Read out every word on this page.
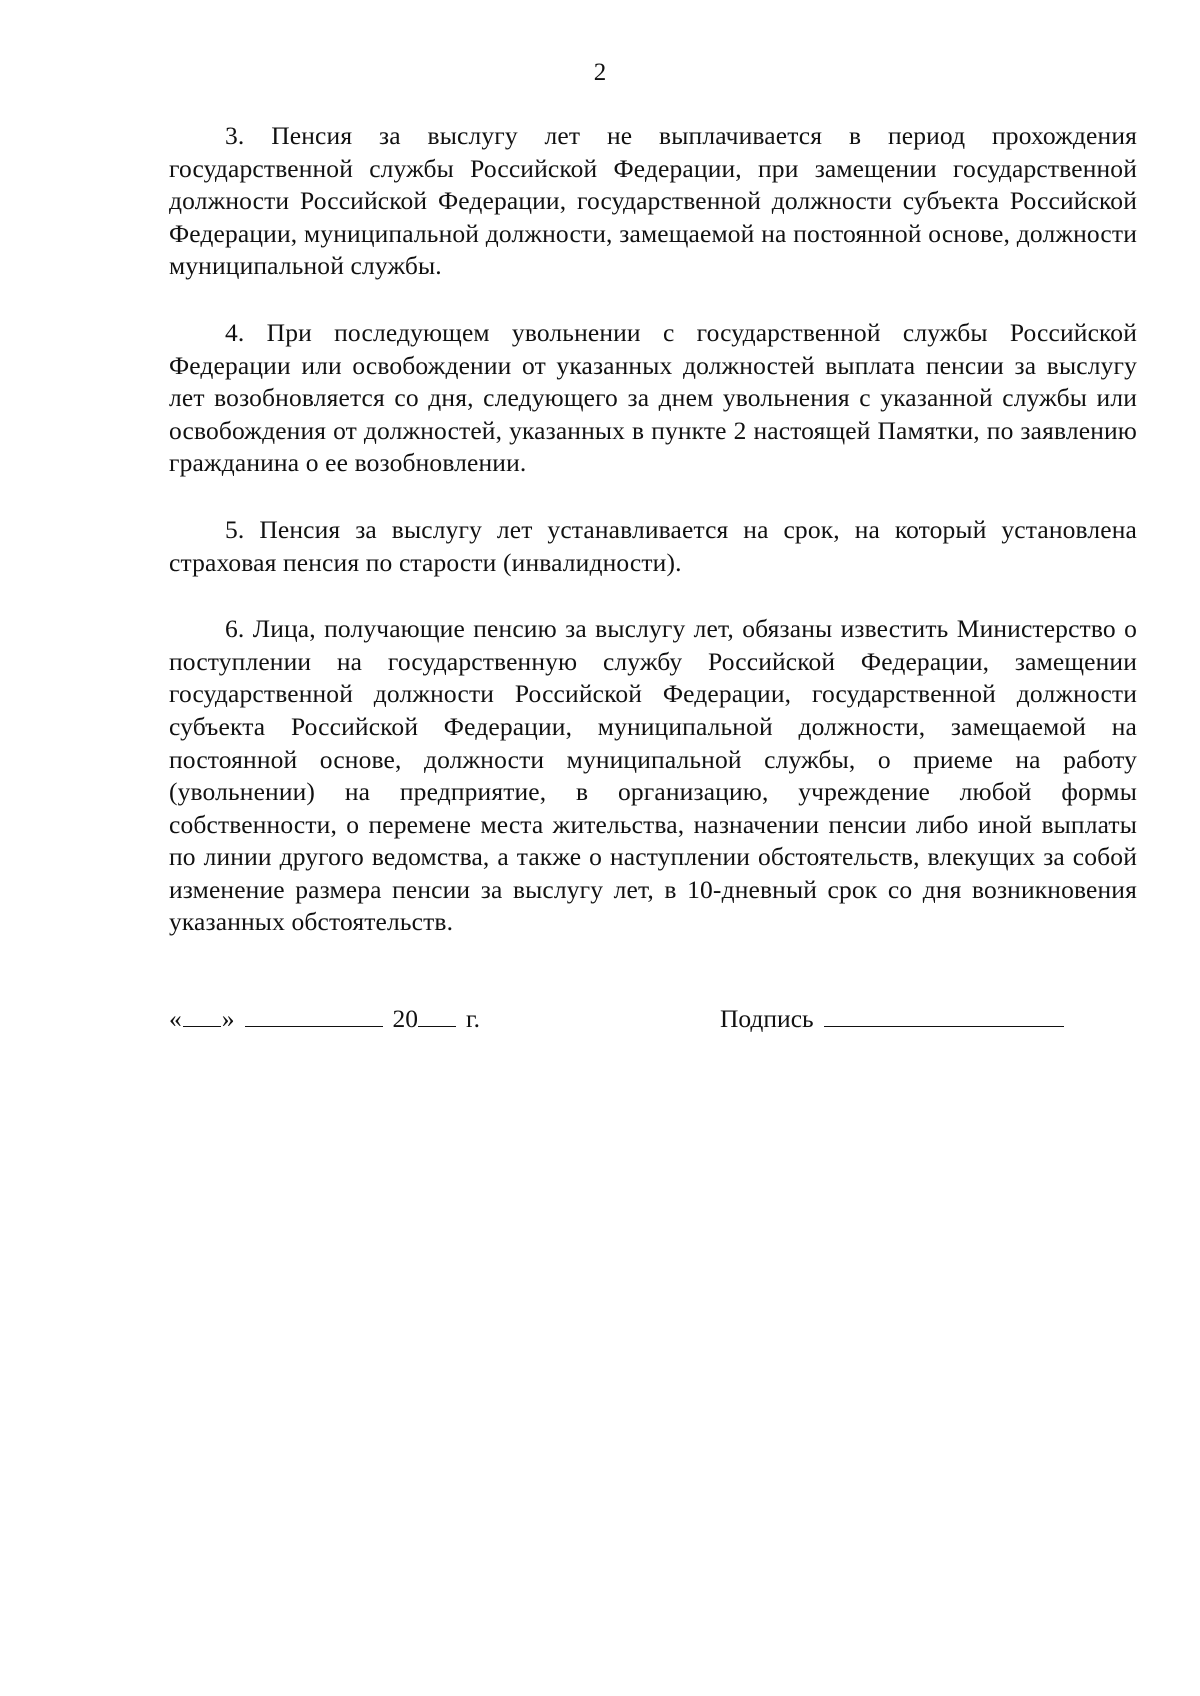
2

3. Пенсия за выслугу лет не выплачивается в период прохождения государственной службы Российской Федерации, при замещении государственной должности Российской Федерации, государственной должности субъекта Российской Федерации, муниципальной должности, замещаемой на постоянной основе, должности муниципальной службы.

4. При последующем увольнении с государственной службы Российской Федерации или освобождении от указанных должностей выплата пенсии за выслугу лет возобновляется со дня, следующего за днем увольнения с указанной службы или освобождения от должностей, указанных в пункте 2 настоящей Памятки, по заявлению гражданина о ее возобновлении.

5. Пенсия за выслугу лет устанавливается на срок, на который установлена страховая пенсия по старости (инвалидности).

6. Лица, получающие пенсию за выслугу лет, обязаны известить Министерство о поступлении на государственную службу Российской Федерации, замещении государственной должности Российской Федерации, государственной должности субъекта Российской Федерации, муниципальной должности, замещаемой на постоянной основе, должности муниципальной службы, о приеме на работу (увольнении) на предприятие, в организацию, учреждение любой формы собственности, о перемене места жительства, назначении пенсии либо иной выплаты по линии другого ведомства, а также о наступлении обстоятельств, влекущих за собой изменение размера пенсии за выслугу лет, в 10-дневный срок со дня возникновения указанных обстоятельств.

« »	20 г.	Подпись
